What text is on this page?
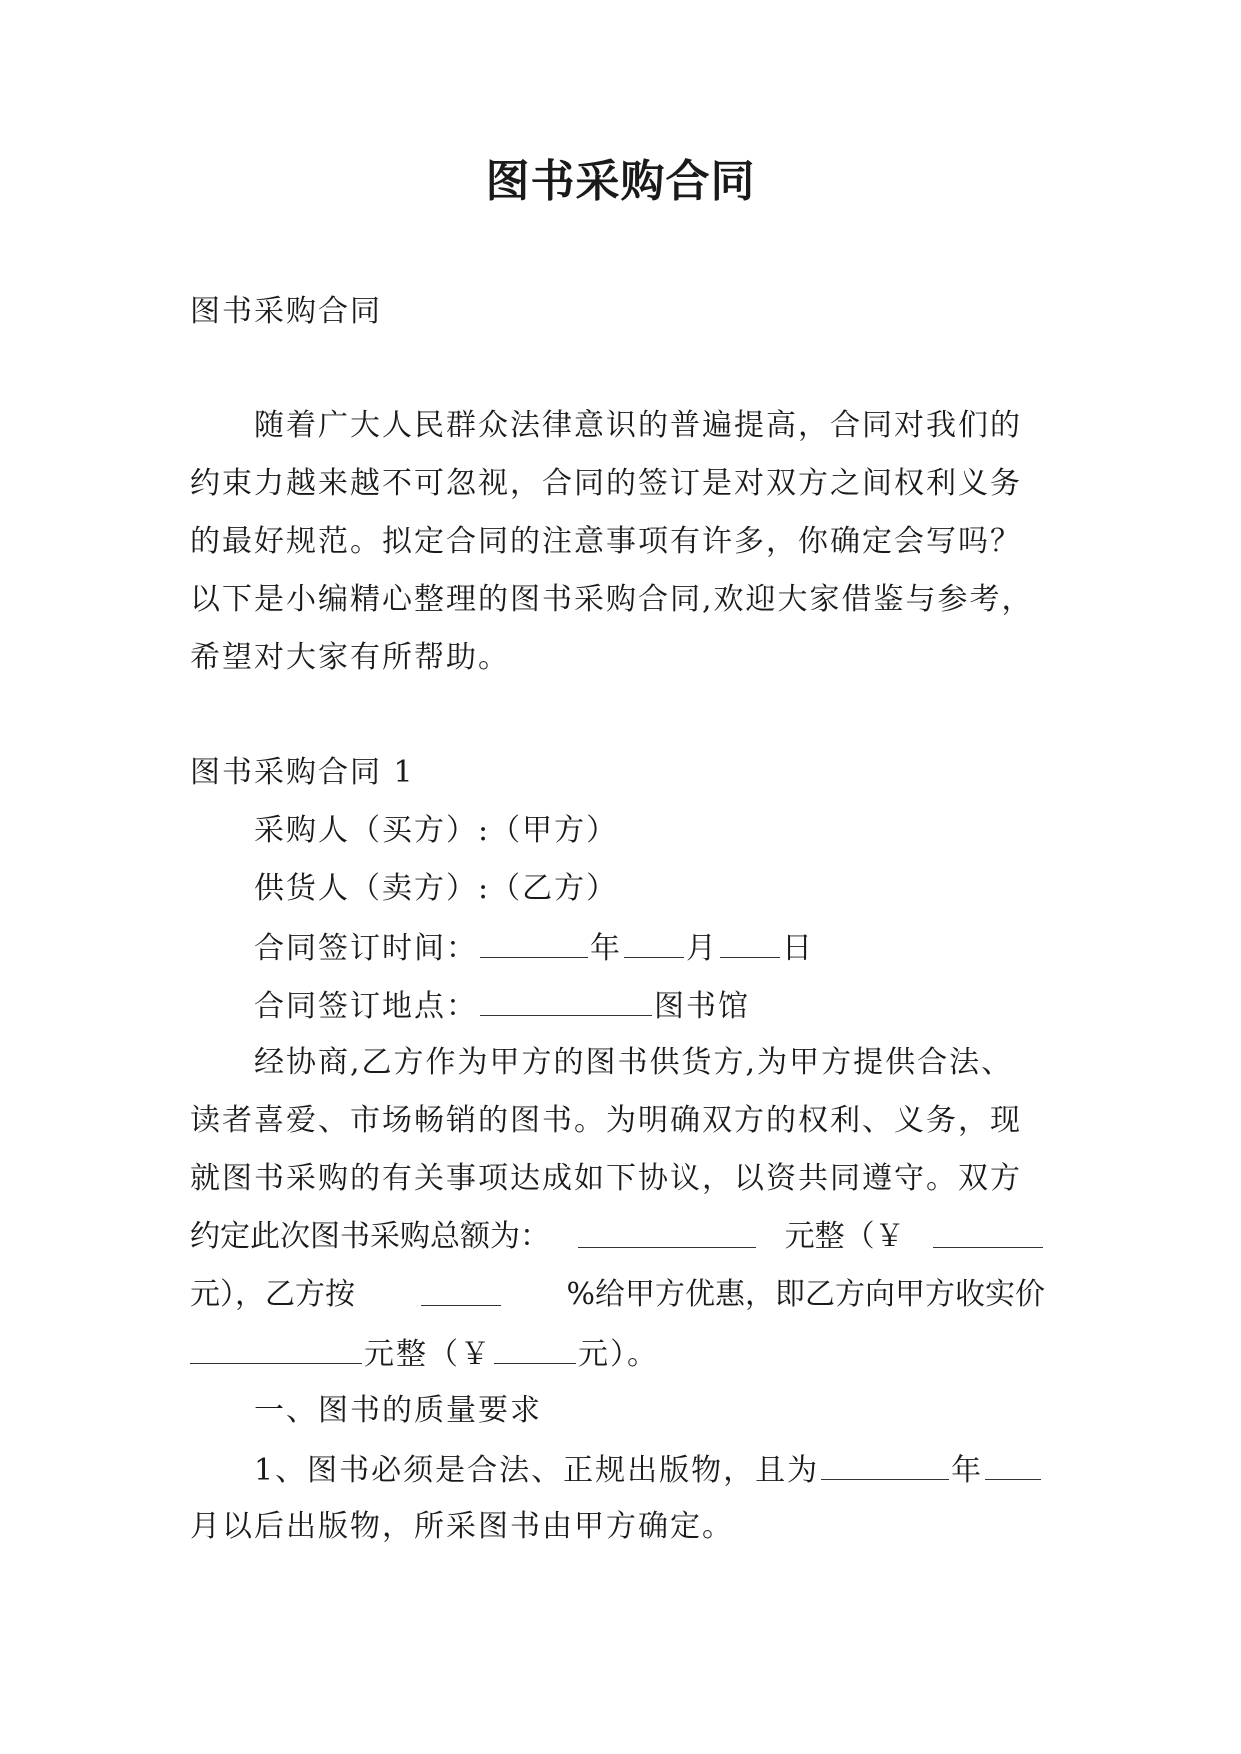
图书采购合同
图书采购合同
随着广大人民群众法律意识的普遍提高，合同对我们的
约束力越来越不可忽视，合同的签订是对双方之间权利义务
的最好规范。拟定合同的注意事项有许多，你确定会写吗？
以下是小编精心整理的图书采购合同,欢迎大家借鉴与参考，
希望对大家有所帮助。
图书采购合同 1
采购人（买方）:（甲方）
供货人（卖方）:（乙方）
合同签订时间：	年 月 日
合同签订地点：	图书馆
经协商,乙方作为甲方的图书供货方,为甲方提供合法、
读者喜爱、市场畅销的图书。为明确双方的权利、义务，现
就图书采购的有关事项达成如下协议，以资共同遵守。双方
约定此次图书采购总额为：	元整（￥
元），乙方按	%给甲方优惠，即乙方向甲方收实价
元整（￥	元）。
一、图书的质量要求
1、图书必须是合法、正规出版物，且为	年
月以后出版物，所采图书由甲方确定。
